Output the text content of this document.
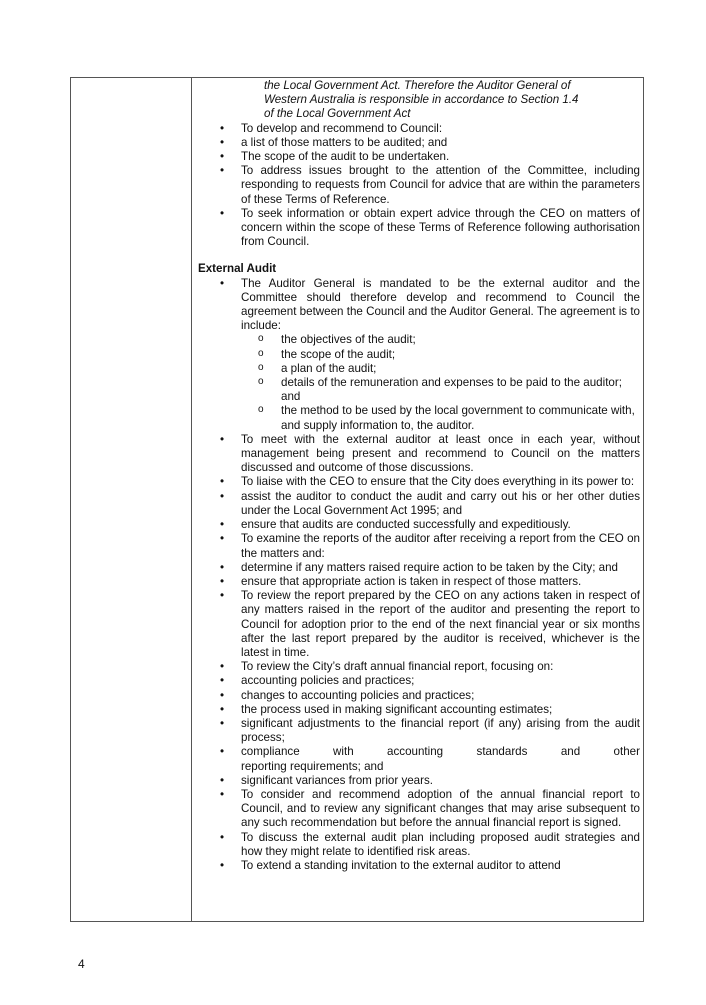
the Local Government Act. Therefore the Auditor General of
Western Australia is responsible in accordance to Section 1.4
of the Local Government Act

• To develop and recommend to Council:
• a list of those matters to be audited; and
• The scope of the audit to be undertaken.
• To address issues brought to the attention of the Committee, including responding to requests from Council for advice that are within the parameters of these Terms of Reference.
• To seek information or obtain expert advice through the CEO on matters of concern within the scope of these Terms of Reference following authorisation from Council.

External Audit

• The Auditor General is mandated to be the external auditor and the Committee should therefore develop and recommend to Council the agreement between the Council and the Auditor General. The agreement is to include:
o the objectives of the audit;
o the scope of the audit;
o a plan of the audit;
o details of the remuneration and expenses to be paid to the auditor; and
o the method to be used by the local government to communicate with, and supply information to, the auditor.
• To meet with the external auditor at least once in each year, without management being present and recommend to Council on the matters discussed and outcome of those discussions.
• To liaise with the CEO to ensure that the City does everything in its power to:
• assist the auditor to conduct the audit and carry out his or her other duties under the Local Government Act 1995; and
• ensure that audits are conducted successfully and expeditiously.
• To examine the reports of the auditor after receiving a report from the CEO on the matters and:
• determine if any matters raised require action to be taken by the City; and
• ensure that appropriate action is taken in respect of those matters.
• To review the report prepared by the CEO on any actions taken in respect of any matters raised in the report of the auditor and presenting the report to Council for adoption prior to the end of the next financial year or six months after the last report prepared by the auditor is received, whichever is the latest in time.
• To review the City’s draft annual financial report, focusing on:
• accounting policies and practices;
• changes to accounting policies and practices;
• the process used in making significant accounting estimates;
• significant adjustments to the financial report (if any) arising from the audit process;
• compliance with accounting standards and other
reporting requirements; and
• significant variances from prior years.
• To consider and recommend adoption of the annual financial report to Council, and to review any significant changes that may arise subsequent to any such recommendation but before the annual financial report is signed.
• To discuss the external audit plan including proposed audit strategies and how they might relate to identified risk areas.
• To extend a standing invitation to the external auditor to attend
4
